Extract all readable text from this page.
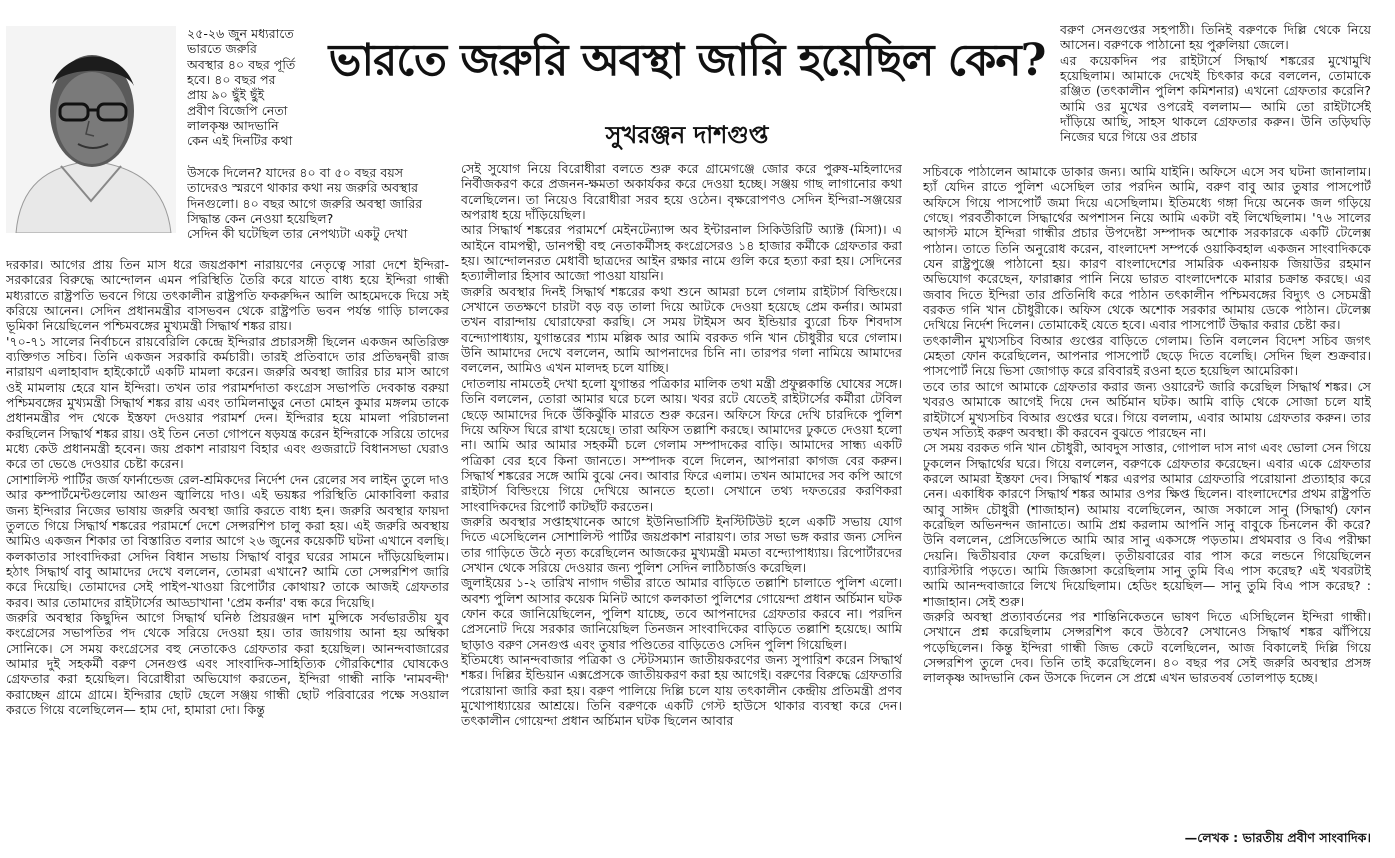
ভারতে জরুরি অবস্থা জারি হয়েছিল কেন?
সুখরঞ্জন দাশগুপ্ত

২৫-২৬ জুন মধ্যরাতে
ভারতে জরুরি
অবস্থার ৪০ বছর পূর্তি
হবে। ৪০ বছর পর
প্রায় ৯০ ছুঁই ছুঁই
প্রবীণ বিজেপি নেতা
লালকৃষ্ণ আদভানি
কেন এই দিনটির কথা

উসকে দিলেন? যাদের ৪০ বা ৫০ বছর বয়স
তাদেরও স্মরণে থাকার কথা নয় জরুরি অবস্থার
দিনগুলো। ৪০ বছর আগে জরুরি অবস্থা জারির
সিদ্ধান্ত কেন নেওয়া হয়েছিল?
সেদিন কী ঘটেছিল তার নেপথ্যটা একটু দেখা

দরকার। আগের প্রায় তিন মাস ধরে জয়প্রকাশ নারায়ণের নেতৃত্বে সারা দেশে ইন্দিরা-সরকারের বিরুদ্ধে আন্দোলন এমন পরিস্থিতি তৈরি করে যাতে বাধ্য হয়ে ইন্দিরা গান্ধী মধ্যরাতে রাষ্ট্রপতি ভবনে গিয়ে তৎকালীন রাষ্ট্রপতি ফকরুদ্দিন আলি আহমেদকে দিয়ে সই করিয়ে আনেন। সেদিন প্রধানমন্ত্রীর বাসভবন থেকে রাষ্ট্রপতি ভবন পর্যন্ত গাড়ি চালকের ভূমিকা নিয়েছিলেন পশ্চিমবঙ্গের মুখ্যমন্ত্রী সিদ্ধার্থ শঙ্কর রায়।
'৭০-৭১ সালের নির্বাচনে রায়বেরিলি কেন্দ্রে ইন্দিরার প্রচারসঙ্গী ছিলেন একজন অতিরিক্ত ব্যক্তিগত সচিব। তিনি একজন সরকারি কর্মচারী। তারই প্রতিবাদে তার প্রতিদ্বন্দ্বী রাজ নারায়ণ এলাহাবাদ হাইকোর্টে একটি মামলা করেন। জরুরি অবস্থা জারির চার মাস আগে ওই মামলায় হেরে যান ইন্দিরা। তখন তার পরামর্শদাতা কংগ্রেস সভাপতি দেবকান্ত বরুয়া পশ্চিমবঙ্গের মুখ্যমন্ত্রী সিদ্ধার্থ শঙ্কর রায় এবং তামিলনাড়ুর নেতা মোহন কুমার মঙ্গলম তাকে প্রধানমন্ত্রীর পদ থেকে ইস্তফা দেওয়ার পরামর্শ দেন। ইন্দিরার হয়ে মামলা পরিচালনা করছিলেন সিদ্ধার্থ শঙ্কর রায়। ওই তিন নেতা গোপনে ষড়যন্ত্র করেন ইন্দিরাকে সরিয়ে তাদের মধ্যে কেউ প্রধানমন্ত্রী হবেন। জয় প্রকাশ নারায়ণ বিহার এবং গুজরাটে বিধানসভা ঘেরাও করে তা ভেঙে দেওয়ার চেষ্টা করেন।
সোশালিস্ট পার্টির জর্জ ফার্নান্ডেজ রেল-শ্রমিকদের নির্দেশ দেন রেলের সব লাইন তুলে দাও আর কম্পার্টমেন্টগুলোয় আগুন জ্বালিয়ে দাও। এই ভয়ঙ্কর পরিস্থিতি মোকাবিলা করার জন্য ইন্দিরার নিজের ভাষায় জরুরি অবস্থা জারি করতে বাধ্য হন। জরুরি অবস্থার ফায়দা তুলতে গিয়ে সিদ্ধার্থ শঙ্করের পরামর্শে দেশে সেন্সরশিপ চালু করা হয়। এই জরুরি অবস্থায় আমিও একজন শিকার তা বিস্তারিত বলার আগে ২৬ জুনের কয়েকটি ঘটনা এখানে বলছি। কলকাতার সাংবাদিকরা সেদিন বিধান সভায় সিদ্ধার্থ বাবুর ঘরের সামনে দাঁড়িয়েছিলাম। হঠাৎ সিদ্ধার্থ বাবু আমাদের দেখে বললেন, তোমরা এখানে? আমি তো সেন্সরশিপ জারি করে দিয়েছি। তোমাদের সেই পাইপ-খাওয়া রিপোর্টার কোথায়? তাকে আজই গ্রেফতার করব। আর তোমাদের রাইটার্সের আড্ডাখানা 'প্রেম কর্নার' বন্ধ করে দিয়েছি।
জরুরি অবস্থার কিছুদিন আগে সিদ্ধার্থ ঘনিষ্ঠ প্রিয়রঞ্জন দাশ মুন্সিকে সর্বভারতীয় যুব কংগ্রেসের সভাপতির পদ থেকে সরিয়ে দেওয়া হয়। তার জায়গায় আনা হয় অম্বিকা সোনিকে। সে সময় কংগ্রেসের বহু নেতাকেও গ্রেফতার করা হয়েছিল। আনন্দবাজারের আমার দুই সহকর্মী বরুণ সেনগুপ্ত এবং সাংবাদিক-সাহিত্যিক গৌরকিশোর ঘোষকেও গ্রেফতার করা হয়েছিল। বিরোধীরা অভিযোগ করতেন, ইন্দিরা গান্ধী নাকি 'নামবন্দী' করাচ্ছেন গ্রামে গ্রামে। ইন্দিরার ছোট ছেলে সঞ্জয় গান্ধী ছোট পরিবারের পক্ষে সওয়াল করতে গিয়ে বলেছিলেন— হাম দো, হামারা দো। কিন্তু

সেই সুযোগ নিয়ে বিরোধীরা বলতে শুরু করে গ্রামেগঞ্জে জোর করে পুরুষ-মহিলাদের নির্বীজকরণ করে প্রজনন-ক্ষমতা অকার্যকর করে দেওয়া হচ্ছে। সঞ্জয় গাছ লাগানোর কথা বলেছিলেন। তা নিয়েও বিরোধীরা সরব হয়ে ওঠেন। বৃক্ষরোপণও সেদিন ইন্দিরা-সঞ্জয়ের অপরাধ হয়ে দাঁড়িয়েছিল।
আর সিদ্ধার্থ শঙ্করের পরামর্শে মেইনটেন্যান্স অব ইন্টারনাল সিকিউরিটি অ্যাক্ট (মিসা)। এ আইনে বামপন্থী, ডানপন্থী বহু নেতাকর্মীসহ কংগ্রেসেরও ১৪ হাজার কর্মীকে গ্রেফতার করা হয়। আন্দোলনরত মেধাবী ছাত্রদের আইন রক্ষার নামে গুলি করে হত্যা করা হয়। সেদিনের হত্যালীলার হিসাব আজো পাওয়া যায়নি।
জরুরি অবস্থার দিনই সিদ্ধার্থ শঙ্করের কথা শুনে আমরা চলে গেলাম রাইটার্স বিল্ডিংয়ে। সেখানে ততক্ষণে চারটা বড় বড় তালা দিয়ে আটকে দেওয়া হয়েছে প্রেম কর্নার। আমরা তখন বারান্দায় ঘোরাফেরা করছি। সে সময় টাইমস অব ইন্ডিয়ার ব্যুরো চিফ শিবদাস বন্দ্যোপাধ্যায়, যুগান্তরের শ্যাম মল্লিক আর আমি বরকত গনি খান চৌধুরীর ঘরে গেলাম। উনি আমাদের দেখে বললেন, আমি আপনাদের চিনি না। তারপর গলা নামিয়ে আমাদের বললেন, আমিও এখন মালদহ চলে যাচ্ছি।
দোতলায় নামতেই দেখা হলো যুগান্তর পত্রিকার মালিক তথা মন্ত্রী প্রফুল্লকান্তি ঘোষের সঙ্গে। তিনি বললেন, তোরা আমার ঘরে চলে আয়। খবর রটে যেতেই রাইটার্সের কর্মীরা টেবিল ছেড়ে আমাদের দিকে উঁকিঝুঁকি মারতে শুরু করেন। অফিসে ফিরে দেখি চারদিকে পুলিশ দিয়ে অফিস ঘিরে রাখা হয়েছে। তারা অফিস তল্লাশি করছে। আমাদের ঢুকতে দেওয়া হলো না। আমি আর আমার সহকর্মী চলে গেলাম সম্পাদকের বাড়ি। আমাদের সান্ধ্য একটি পত্রিকা বের হবে কিনা জানতে। সম্পাদক বলে দিলেন, আপনারা কাগজ বের করুন। সিদ্ধার্থ শঙ্করের সঙ্গে আমি বুঝে নেব। আবার ফিরে এলাম। তখন আমাদের সব কপি আগে রাইটার্স বিল্ডিংয়ে গিয়ে দেখিয়ে আনতে হতো। সেখানে তথ্য দফতরের করণিকরা সাংবাদিকদের রিপোর্ট কাটছাঁট করতেন।
জরুরি অবস্থার সপ্তাহখানেক আগে ইউনিভার্সিটি ইনস্টিটিউট হলে একটি সভায় যোগ দিতে এসেছিলেন সোশালিস্ট পার্টির জয়প্রকাশ নারায়ণ। তার সভা ভঙ্গ করার জন্য সেদিন তার গাড়িতে উঠে নৃত্য করেছিলেন আজকের মুখ্যমন্ত্রী মমতা বন্দ্যোপাধ্যায়। রিপোর্টারদের সেখান থেকে সরিয়ে দেওয়ার জন্য পুলিশ সেদিন লাঠিচার্জও করেছিল।
জুলাইয়ের ১-২ তারিখ নাগাদ গভীর রাতে আমার বাড়িতে তল্লাশি চালাতে পুলিশ এলো। অবশ্য পুলিশ আসার কয়েক মিনিট আগে কলকাতা পুলিশের গোয়েন্দা প্রধান অর্চিমান ঘটক ফোন করে জানিয়েছিলেন, পুলিশ যাচ্ছে, তবে আপনাদের গ্রেফতার করবে না। পরদিন প্রেসনোট দিয়ে সরকার জানিয়েছিল তিনজন সাংবাদিকের বাড়িতে তল্লাশি হয়েছে। আমি ছাড়াও বরুণ সেনগুপ্ত এবং তুষার পণ্ডিতের বাড়িতেও সেদিন পুলিশ গিয়েছিল।
ইতিমধ্যে আনন্দবাজার পত্রিকা ও স্টেটসম্যান জাতীয়করণের জন্য সুপারিশ করেন সিদ্ধার্থ শঙ্কর। দিল্লির ইন্ডিয়ান এক্সপ্রেসকে জাতীয়করণ করা হয় আগেই। বরুণের বিরুদ্ধে গ্রেফতারি পরোয়ানা জারি করা হয়। বরুণ পালিয়ে দিল্লি চলে যায় তৎকালীন কেন্দ্রীয় প্রতিমন্ত্রী প্রণব মুখোপাধ্যায়ের আশ্রয়ে। তিনি বরুণকে একটি গেস্ট হাউসে থাকার ব্যবস্থা করে দেন। তৎকালীন গোয়েন্দা প্রধান অর্চিমান ঘটক ছিলেন আবার

বরুণ সেনগুপ্তের সহপাঠী। তিনিই বরুণকে দিল্লি থেকে নিয়ে আসেন। বরুণকে পাঠানো হয় পুরুলিয়া জেলে।
এর কয়েকদিন পর রাইটার্সে সিদ্ধার্থ শঙ্করের মুখোমুখি হয়েছিলাম। আমাকে দেখেই চিৎকার করে বললেন, তোমাকে রঞ্জিত (তৎকালীন পুলিশ কমিশনার) এখনো গ্রেফতার করেনি? আমি ওর মুখের ওপরেই বললাম— আমি তো রাইটার্সেই দাঁড়িয়ে আছি, সাহস থাকলে গ্রেফতার করুন। উনি তড়িঘড়ি নিজের ঘরে গিয়ে ওর প্রচার

সচিবকে পাঠালেন আমাকে ডাকার জন্য। আমি যাইনি। অফিসে এসে সব ঘটনা জানালাম। হ্যাঁ যেদিন রাতে পুলিশ এসেছিল তার পরদিন আমি, বরুণ বাবু আর তুষার পাসপোর্ট অফিসে গিয়ে পাসপোর্ট জমা দিয়ে এসেছিলাম। ইতিমধ্যে গঙ্গা দিয়ে অনেক জল গড়িয়ে গেছে। পরবর্তীকালে সিদ্ধার্থের অপশাসন নিয়ে আমি একটা বই লিখেছিলাম। '৭৬ সালের আগস্ট মাসে ইন্দিরা গান্ধীর প্রচার উপদেষ্টা সম্পাদক অশোক সরকারকে একটি টেলেক্স পাঠান। তাতে তিনি অনুরোধ করেন, বাংলাদেশ সম্পর্কে ওয়াকিবহাল একজন সাংবাদিককে যেন রাষ্ট্রপুঞ্জে পাঠানো হয়। কারণ বাংলাদেশের সামরিক একনায়ক জিয়াউর রহমান অভিযোগ করেছেন, ফারাক্কার পানি নিয়ে ভারত বাংলাদেশকে মারার চক্রান্ত করছে। এর জবাব দিতে ইন্দিরা তার প্রতিনিধি করে পাঠান তৎকালীন পশ্চিমবঙ্গের বিদ্যুৎ ও সেচমন্ত্রী বরকত গনি খান চৌধুরীকে। অফিস থেকে অশোক সরকার আমায় ডেকে পাঠান। টেলেক্স দেখিয়ে নির্দেশ দিলেন। তোমাকেই যেতে হবে। এবার পাসপোর্ট উদ্ধার করার চেষ্টা কর।
তৎকালীন মুখ্যসচিব বিআর গুপ্তের বাড়িতে গেলাম। তিনি বললেন বিদেশ সচিব জগৎ মেহতা ফোন করেছিলেন, আপনার পাসপোর্ট ছেড়ে দিতে বলেছি। সেদিন ছিল শুক্রবার। পাসপোর্ট নিয়ে ভিসা জোগাড় করে রবিবারই রওনা হতে হয়েছিল আমেরিকা।
তবে তার আগে আমাকে গ্রেফতার করার জন্য ওয়ারেন্ট জারি করেছিল সিদ্ধার্থ শঙ্কর। সে খবরও আমাকে আগেই দিয়ে দেন অর্চিমান ঘটক। আমি বাড়ি থেকে সোজা চলে যাই রাইটার্সে মুখ্যসচিব বিআর গুপ্তের ঘরে। গিয়ে বললাম, এবার আমায় গ্রেফতার করুন। তার তখন সত্যিই করুণ অবস্থা। কী করবেন বুঝতে পারছেন না।
সে সময় বরকত গনি খান চৌধুরী, আবদুস সাত্তার, গোপাল দাস নাগ এবং ভোলা সেন গিয়ে ঢুকলেন সিদ্ধার্থের ঘরে। গিয়ে বললেন, বরুণকে গ্রেফতার করেছেন। এবার একে গ্রেফতার করলে আমরা ইস্তফা দেব। সিদ্ধার্থ শঙ্কর এরপর আমার গ্রেফতারি পরোয়ানা প্রত্যাহার করে নেন। একাধিক কারণে সিদ্ধার্থ শঙ্কর আমার ওপর ক্ষিপ্ত ছিলেন। বাংলাদেশের প্রথম রাষ্ট্রপতি আবু সাঈদ চৌধুরী (শাজাহান) আমায় বলেছিলেন, আজ সকালে সানু (সিদ্ধার্থ) ফোন করেছিল অভিনন্দন জানাতে। আমি প্রশ্ন করলাম আপনি সানু বাবুকে চিনলেন কী করে? উনি বললেন, প্রেসিডেন্সিতে আমি আর সানু একসঙ্গে পড়তাম। প্রথমবার ও বিএ পরীক্ষা দেয়নি। দ্বিতীয়বার ফেল করেছিল। তৃতীয়বারের বার পাস করে লন্ডনে গিয়েছিলেন ব্যারিস্টারি পড়তে। আমি জিজ্ঞাসা করেছিলাম সানু তুমি বিএ পাস করেছ? এই খবরটাই আমি আনন্দবাজারে লিখে দিয়েছিলাম। হেডিং হয়েছিল— সানু তুমি বিএ পাস করেছ? : শাজাহান। সেই শুরু।
জরুরি অবস্থা প্রত্যাবর্তনের পর শান্তিনিকেতনে ভাষণ দিতে এসিছিলেন ইন্দিরা গান্ধী। সেখানে প্রশ্ন করেছিলাম সেন্সরশিপ কবে উঠবে? সেখানেও সিদ্ধার্থ শঙ্কর ঝাঁপিয়ে পড়েছিলেন। কিন্তু ইন্দিরা গান্ধী জিভ কেটে বলেছিলেন, আজ বিকালেই দিল্লি গিয়ে সেন্সরশিপ তুলে দেব। তিনি তাই করেছিলেন। ৪০ বছর পর সেই জরুরি অবস্থার প্রসঙ্গ লালকৃষ্ণ আদভানি কেন উসকে দিলেন সে প্রশ্নে এখন ভারতবর্ষ তোলপাড় হচ্ছে।

—লেখক : ভারতীয় প্রবীণ সাংবাদিক।
